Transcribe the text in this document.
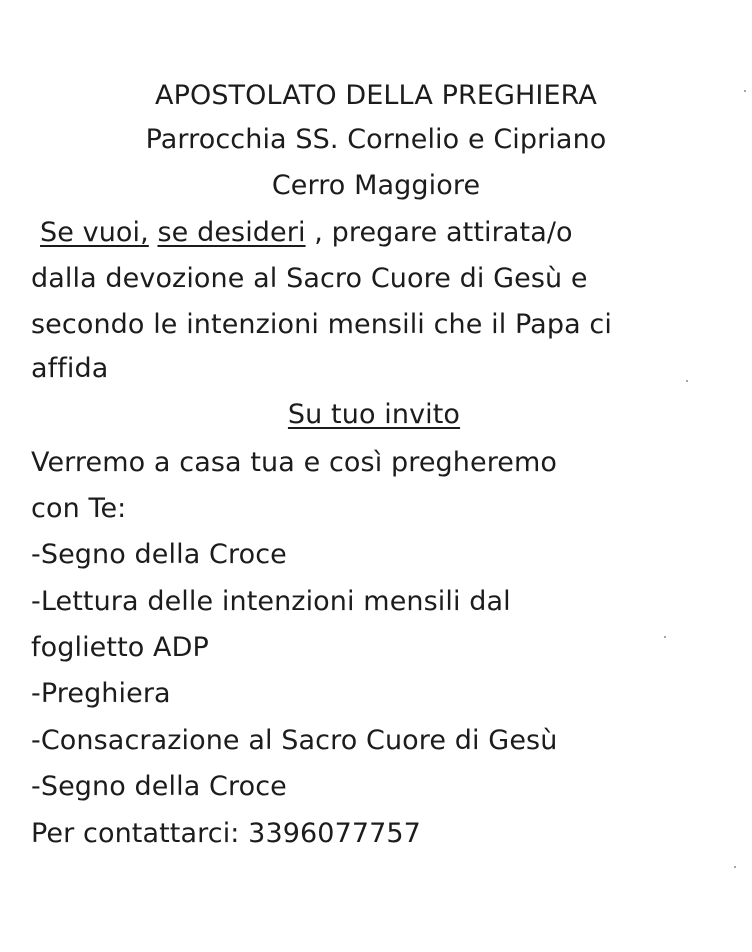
APOSTOLATO DELLA PREGHIERA
Parrocchia SS. Cornelio e Cipriano
Cerro Maggiore
Se vuoi, se desideri , pregare attirata/o
dalla devozione al Sacro Cuore di Gesù e
secondo le intenzioni mensili che il Papa ci
affida
Su tuo invito
Verremo a casa tua e così pregheremo
con Te:
-Segno della Croce
-Lettura delle intenzioni mensili dal
foglietto ADP
-Preghiera
-Consacrazione al Sacro Cuore di Gesù
-Segno della Croce
Per contattarci: 3396077757
